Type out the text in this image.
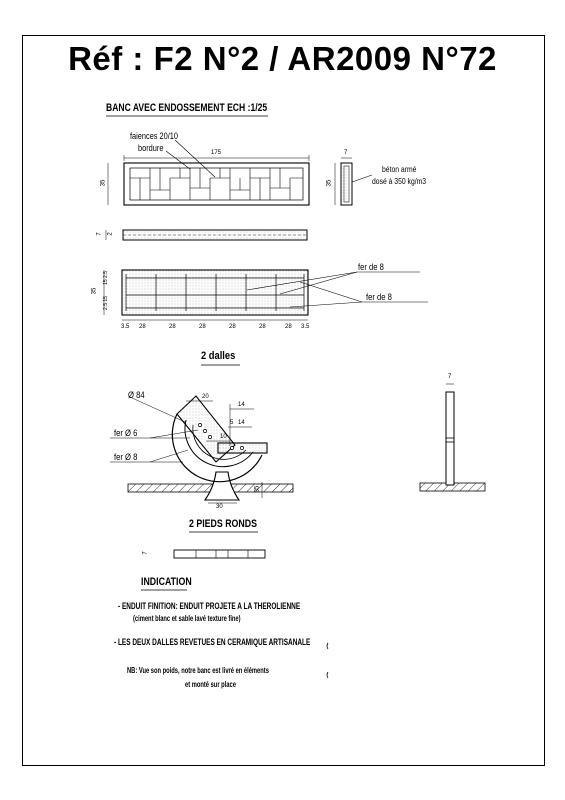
Réf : F2 N°2 / AR2009 N°72
BANC AVEC ENDOSSEMENT ECH :1/25
faiences 20/10
bordure	175
35
7
35
béton armé
dosé à 350 kg/m3
7 2
fer de 8
fer de 8
35
2.5 15
15 2.5
3.5 28	28	28	28	28	28 3.5
2 dalles
Ø 84
fer Ø 6
fer Ø 8
20
14
5 14
10
30
35
7
2 PIEDS RONDS
7
INDICATION
- ENDUIT FINITION: ENDUIT PROJETE A LA THEROLIENNE
(ciment blanc et sable lavé texture fine)
- LES DEUX DALLES REVETUES EN CERAMIQUE ARTISANALE
NB: Vue son poids, notre banc est livré en éléments
et monté sur place
